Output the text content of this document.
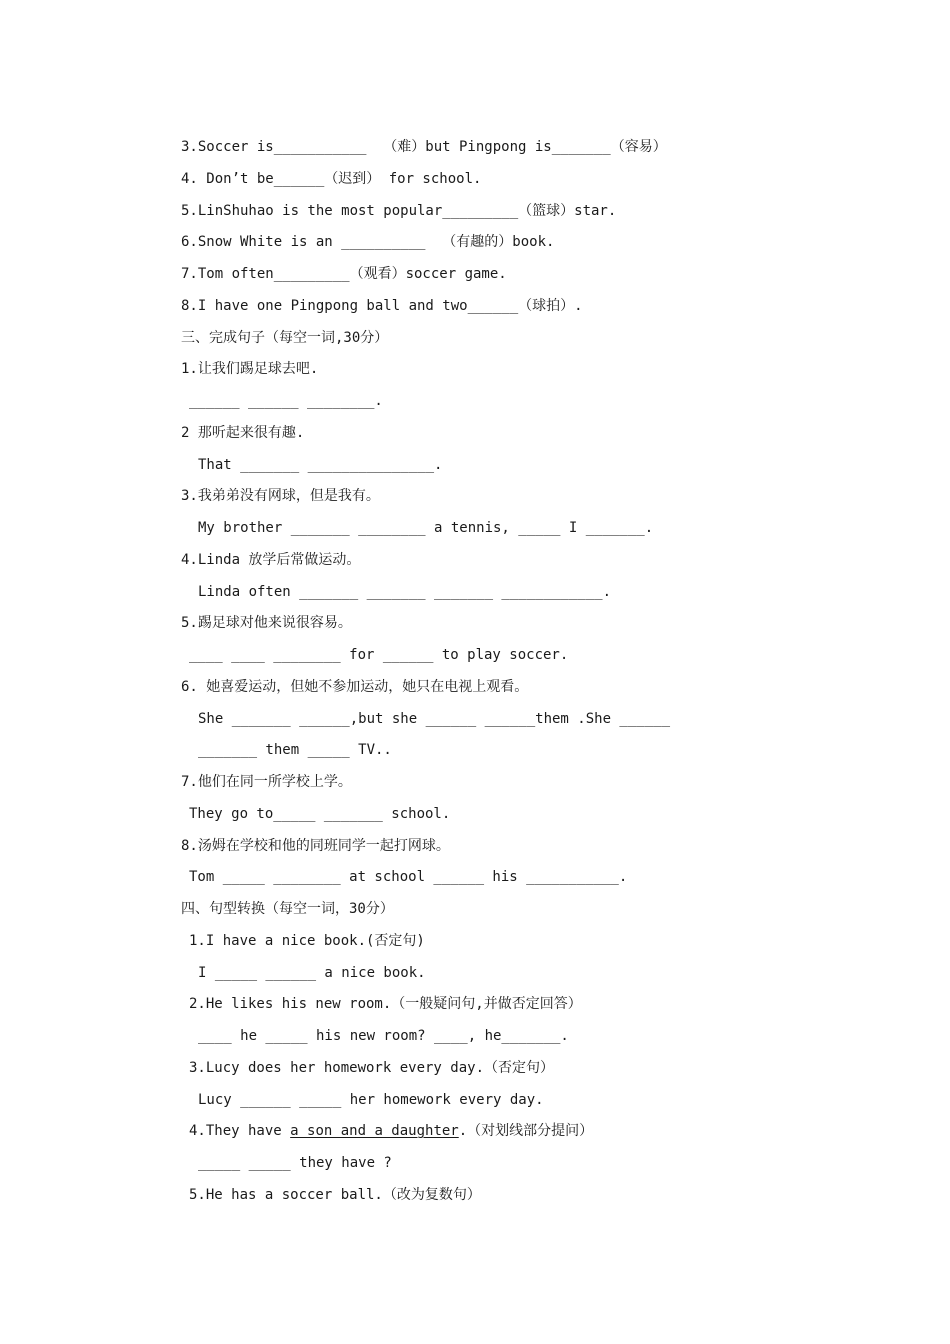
3.Soccer is___________  （难）but Pingpong is_______（容易）
4. Don’t be______（迟到） for school.
5.LinShuhao is the most popular_________（篮球）star.
6.Snow White is an __________  （有趣的）book.
7.Tom often_________（观看）soccer game.
8.I have one Pingpong ball and two______（球拍）.
三、完成句子（每空一词,30分）
1.让我们踢足球去吧.
______ ______ ________.
2 那听起来很有趣.
That _______ _______________.
3.我弟弟没有网球，但是我有。
My brother _______ ________ a tennis, _____ I _______.
4.Linda 放学后常做运动。
Linda often _______ _______ _______ ____________.
5.踢足球对他来说很容易。
____ ____ ________ for ______ to play soccer.
6. 她喜爱运动，但她不参加运动，她只在电视上观看。
She _______ ______,but she ______ ______them .She ______
_______ them _____ TV..
7.他们在同一所学校上学。
They go to_____ _______ school.
8.汤姆在学校和他的同班同学一起打网球。
Tom _____ ________ at school ______ his ___________.
四、句型转换（每空一词，30分）
1.I have a nice book.(否定句)
I _____ ______ a nice book.
2.He likes his new room.（一般疑问句,并做否定回答）
____ he _____ his new room? ____, he_______.
3.Lucy does her homework every day.（否定句）
Lucy ______ _____ her homework every day.
4.They have a son and a daughter.（对划线部分提问）
_____ _____ they have ?
5.He has a soccer ball.（改为复数句）
